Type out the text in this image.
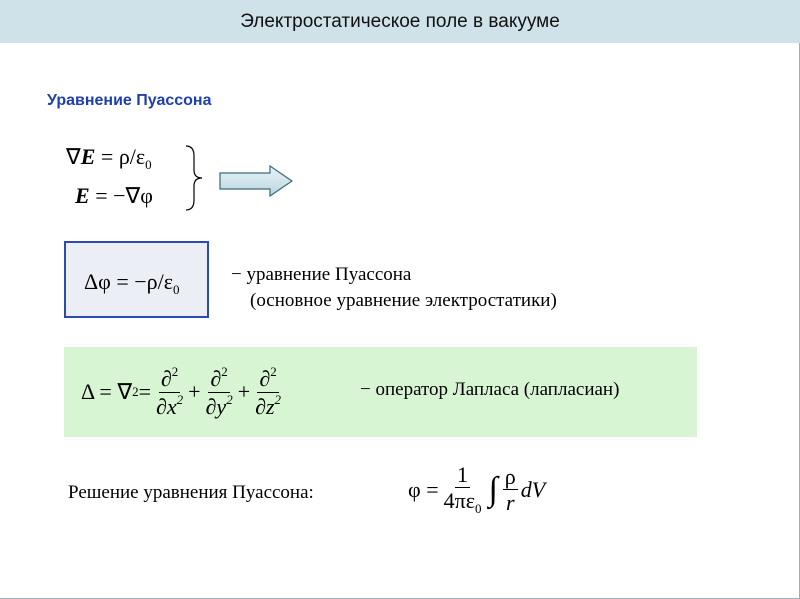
Электростатическое поле в вакууме
Уравнение Пуассона
$\nabla E = \rho/\varepsilon_0$
E = −∇φ
$\Delta\varphi = -\rho/\varepsilon_0$
− уравнение Пуассона
(основное уравнение электростатики)
Δ = ∇ $2 = \frac{\partial^2}{\partial x^2} + \frac{\partial^2}{\partial y^2} + \frac{\partial^2}{\partial z^2}$	− оператор Лапласа (лапласиан)
Решение уравнения Пуассона:	$\varphi = \frac{1}{4\pi\varepsilon_0}$ ∫ $\frac{\rho}{r}$ dV
